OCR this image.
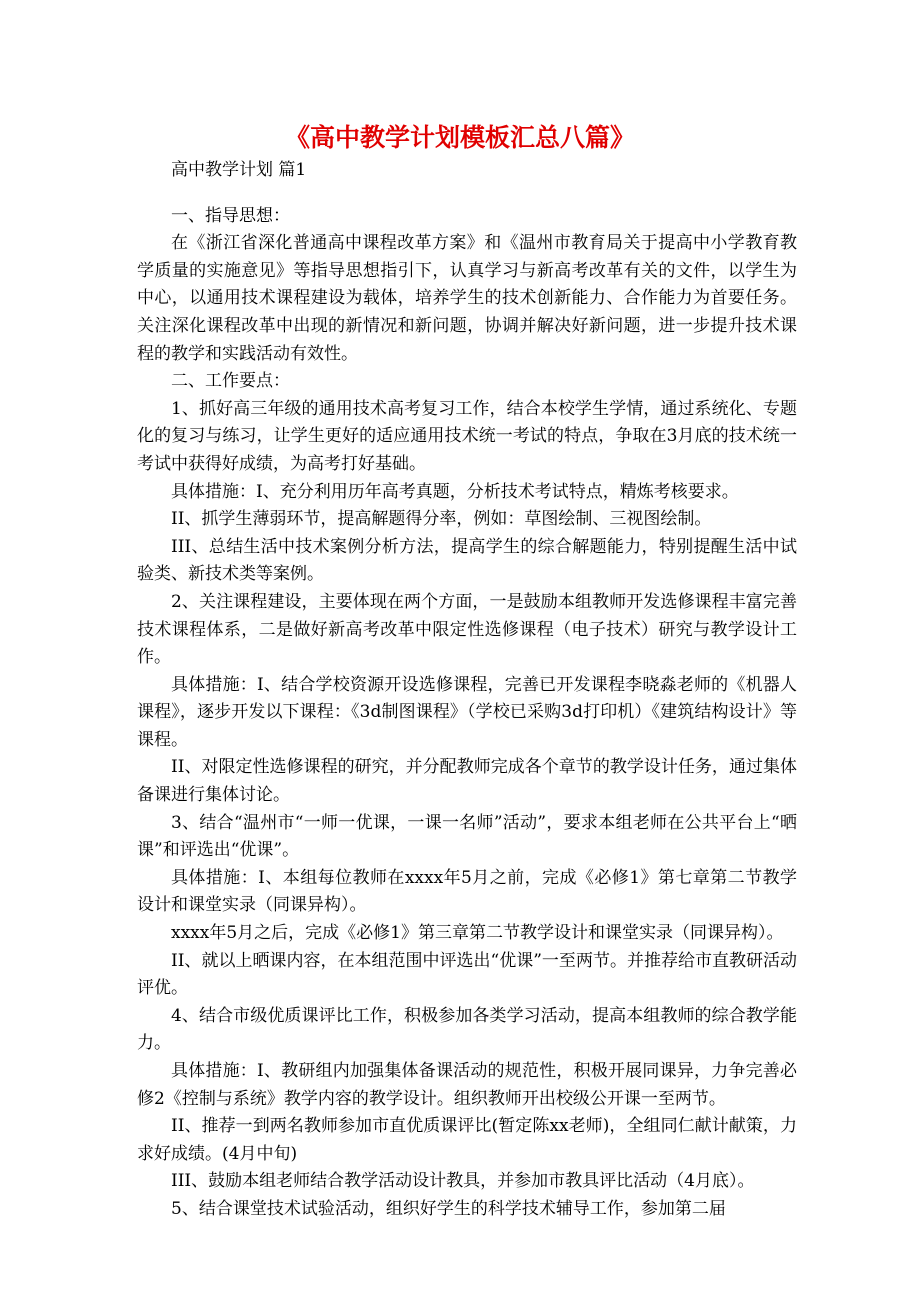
《高中教学计划模板汇总八篇》

高中教学计划 篇1

一、指导思想：

在《浙江省深化普通高中课程改革方案》和《温州市教育局关于提高中小学教育教学质量的实施意见》等指导思想指引下，认真学习与新高考改革有关的文件，以学生为中心，以通用技术课程建设为载体，培养学生的技术创新能力、合作能力为首要任务。关注深化课程改革中出现的新情况和新问题，协调并解决好新问题，进一步提升技术课程的教学和实践活动有效性。

二、工作要点：

1、抓好高三年级的通用技术高考复习工作，结合本校学生学情，通过系统化、专题化的复习与练习，让学生更好的适应通用技术统一考试的特点，争取在3月底的技术统一考试中获得好成绩，为高考打好基础。

具体措施：I、充分利用历年高考真题，分析技术考试特点，精炼考核要求。

II、抓学生薄弱环节，提高解题得分率，例如：草图绘制、三视图绘制。

III、总结生活中技术案例分析方法，提高学生的综合解题能力，特别提醒生活中试验类、新技术类等案例。

2、关注课程建设，主要体现在两个方面，一是鼓励本组教师开发选修课程丰富完善技术课程体系，二是做好新高考改革中限定性选修课程（电子技术）研究与教学设计工作。

具体措施：I、结合学校资源开设选修课程，完善已开发课程李晓淼老师的《机器人课程》，逐步开发以下课程：《3d制图课程》（学校已采购3d打印机）《建筑结构设计》等课程。

II、对限定性选修课程的研究，并分配教师完成各个章节的教学设计任务，通过集体备课进行集体讨论。

3、结合“温州市“一师一优课，一课一名师”活动”，要求本组老师在公共平台上“晒课”和评选出“优课”。

具体措施：I、本组每位教师在xxxx年5月之前，完成《必修1》第七章第二节教学设计和课堂实录（同课异构）。

xxxx年5月之后，完成《必修1》第三章第二节教学设计和课堂实录（同课异构）。

II、就以上晒课内容，在本组范围中评选出“优课”一至两节。并推荐给市直教研活动评优。

4、结合市级优质课评比工作，积极参加各类学习活动，提高本组教师的综合教学能力。

具体措施：I、教研组内加强集体备课活动的规范性，积极开展同课异，力争完善必修2《控制与系统》教学内容的教学设计。组织教师开出校级公开课一至两节。

II、推荐一到两名教师参加市直优质课评比(暂定陈xx老师)，全组同仁献计献策，力求好成绩。(4月中旬)

III、鼓励本组老师结合教学活动设计教具，并参加市教具评比活动（4月底）。

5、结合课堂技术试验活动，组织好学生的科学技术辅导工作，参加第二届
